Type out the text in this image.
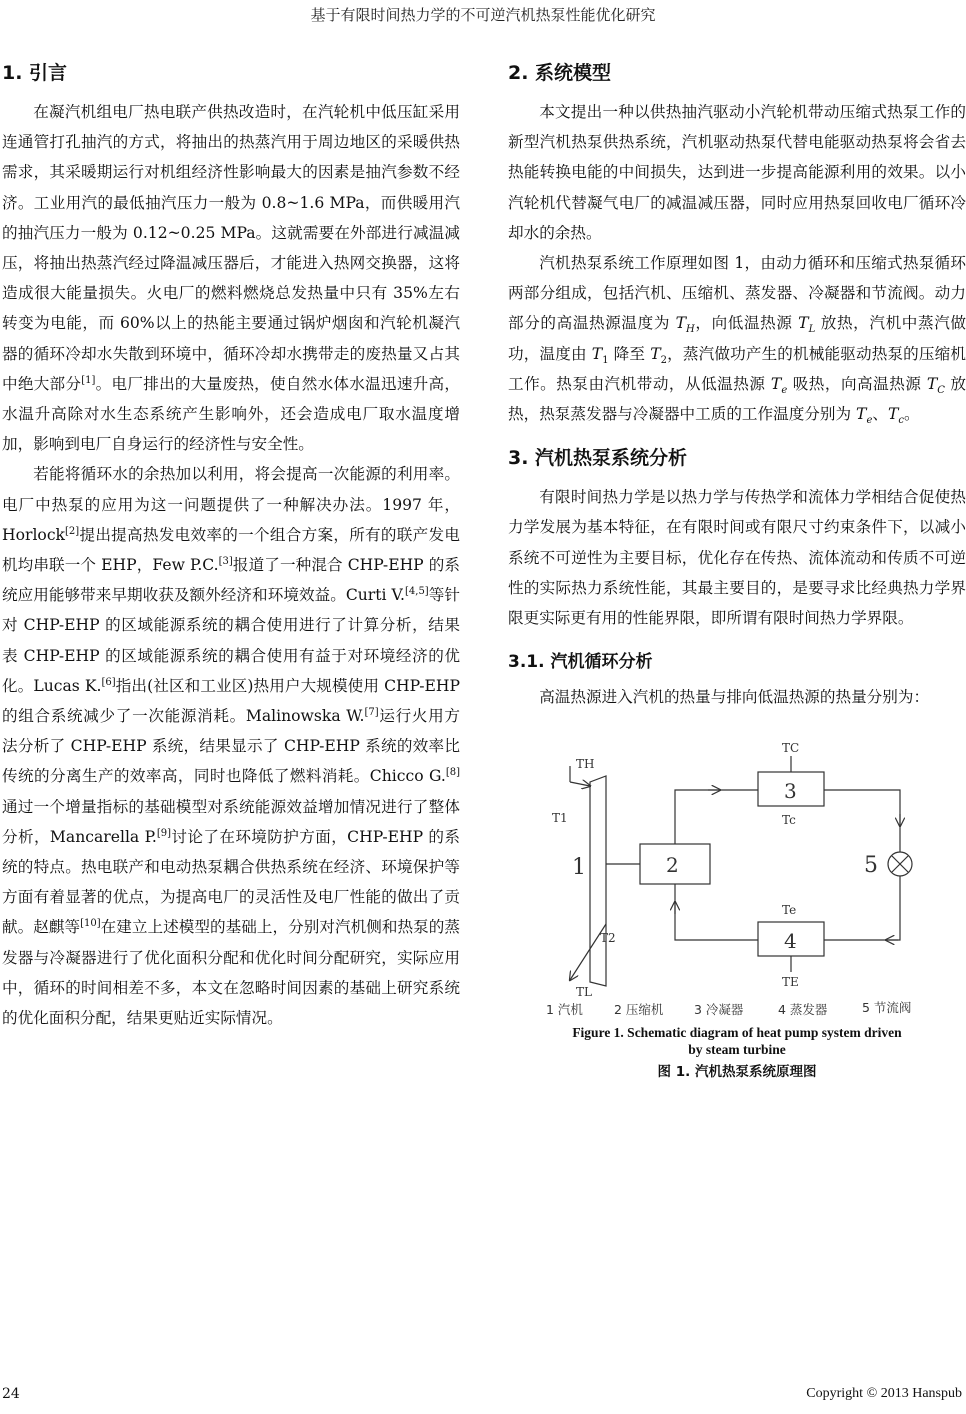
基于有限时间热力学的不可逆汽机热泵性能优化研究
1. 引言

在凝汽机组电厂热电联产供热改造时，在汽轮机中低压缸采用连通管打孔抽汽的方式，将抽出的热蒸汽用于周边地区的采暖供热需求，其采暖期运行对机组经济性影响最大的因素是抽汽参数不经济。工业用汽的最低抽汽压力一般为 0.8~1.6 MPa，而供暖用汽的抽汽压力一般为 0.12~0.25 MPa。这就需要在外部进行减温减压，将抽出热蒸汽经过降温减压器后，才能进入热网交换器，这将造成很大能量损失。火电厂的燃料燃烧总发热量中只有 35%左右转变为电能，而 60%以上的热能主要通过锅炉烟囱和汽轮机凝汽器的循环冷却水失散到环境中，循环冷却水携带走的废热量又占其中绝大部分[1]。电厂排出的大量废热，使自然水体水温迅速升高，水温升高除对水生态系统产生影响外，还会造成电厂取水温度增加，影响到电厂自身运行的经济性与安全性。

若能将循环水的余热加以利用，将会提高一次能源的利用率。电厂中热泵的应用为这一问题提供了一种解决办法。1997 年，Horlock[2]提出提高热发电效率的一个组合方案，所有的联产发电机均串联一个 EHP，Few P.C.[3]报道了一种混合 CHP-EHP 的系统应用能够带来早期收获及额外经济和环境效益。Curti V.[4,5]等针对 CHP-EHP 的区域能源系统的耦合使用进行了计算分析，结果表 CHP-EHP 的区域能源系统的耦合使用有益于对环境经济的优化。Lucas K.[6]指出(社区和工业区)热用户大规模使用 CHP-EHP 的组合系统减少了一次能源消耗。Malinowska W.[7]运行火用方法分析了 CHP-EHP 系统，结果显示了 CHP-EHP 系统的效率比传统的分离生产的效率高，同时也降低了燃料消耗。Chicco G.[8]通过一个增量指标的基础模型对系统能源效益增加情况进行了整体分析，Mancarella P.[9]讨论了在环境防护方面，CHP-EHP 的系统的特点。热电联产和电动热泵耦合供热系统在经济、环境保护等方面有着显著的优点，为提高电厂的灵活性及电厂性能的做出了贡献。赵麒等[10]在建立上述模型的基础上，分别对汽机侧和热泵的蒸发器与冷凝器进行了优化面积分配和优化时间分配研究，实际应用中，循环的时间相差不多，本文在忽略时间因素的基础上研究系统的优化面积分配，结果更贴近实际情况。

2. 系统模型

本文提出一种以供热抽汽驱动小汽轮机带动压缩式热泵工作的新型汽机热泵供热系统，汽机驱动热泵代替电能驱动热泵将会省去热能转换电能的中间损失，达到进一步提高能源利用的效果。以小汽轮机代替凝气电厂的减温减压器，同时应用热泵回收电厂循环冷却水的余热。

汽机热泵系统工作原理如图 1，由动力循环和压缩式热泵循环两部分组成，包括汽机、压缩机、蒸发器、冷凝器和节流阀。动力部分的高温热源温度为 $T_H$，向低温热源 $T_L$ 放热，汽机中蒸汽做功，温度由 $T_1$ 降至 $T_2$，蒸汽做功产生的机械能驱动热泵的压缩机工作。热泵由汽机带动，从低温热源 $T_e$ 吸热，向高温热源 $T_C$ 放热，热泵蒸发器与冷凝器中工质的工作温度分别为 $T_e$、$T_c$。

3. 汽机热泵系统分析

有限时间热力学是以热力学与传热学和流体力学相结合促使热力学发展为基本特征，在有限时间或有限尺寸约束条件下，以减小系统不可逆性为主要目标，优化存在传热、流体流动和传质不可逆性的实际热力系统性能，其最主要目的，是要寻求比经典热力学界限更实际更有用的性能界限，即所谓有限时间热力学界限。

3.1. 汽机循环分析

高温热源进入汽机的热量与排向低温热源的热量分别为：

TH
T1
T2
TL
TC
Tc
Te
TE
1	2
3
4
5
1 汽机 2 压缩机 3 冷凝器	4 蒸发器	5 节流阀
Figure 1. Schematic diagram of heat pump system driven
by steam turbine
图 1. 汽机热泵系统原理图
24	Copyright © 2013 Hanspub
